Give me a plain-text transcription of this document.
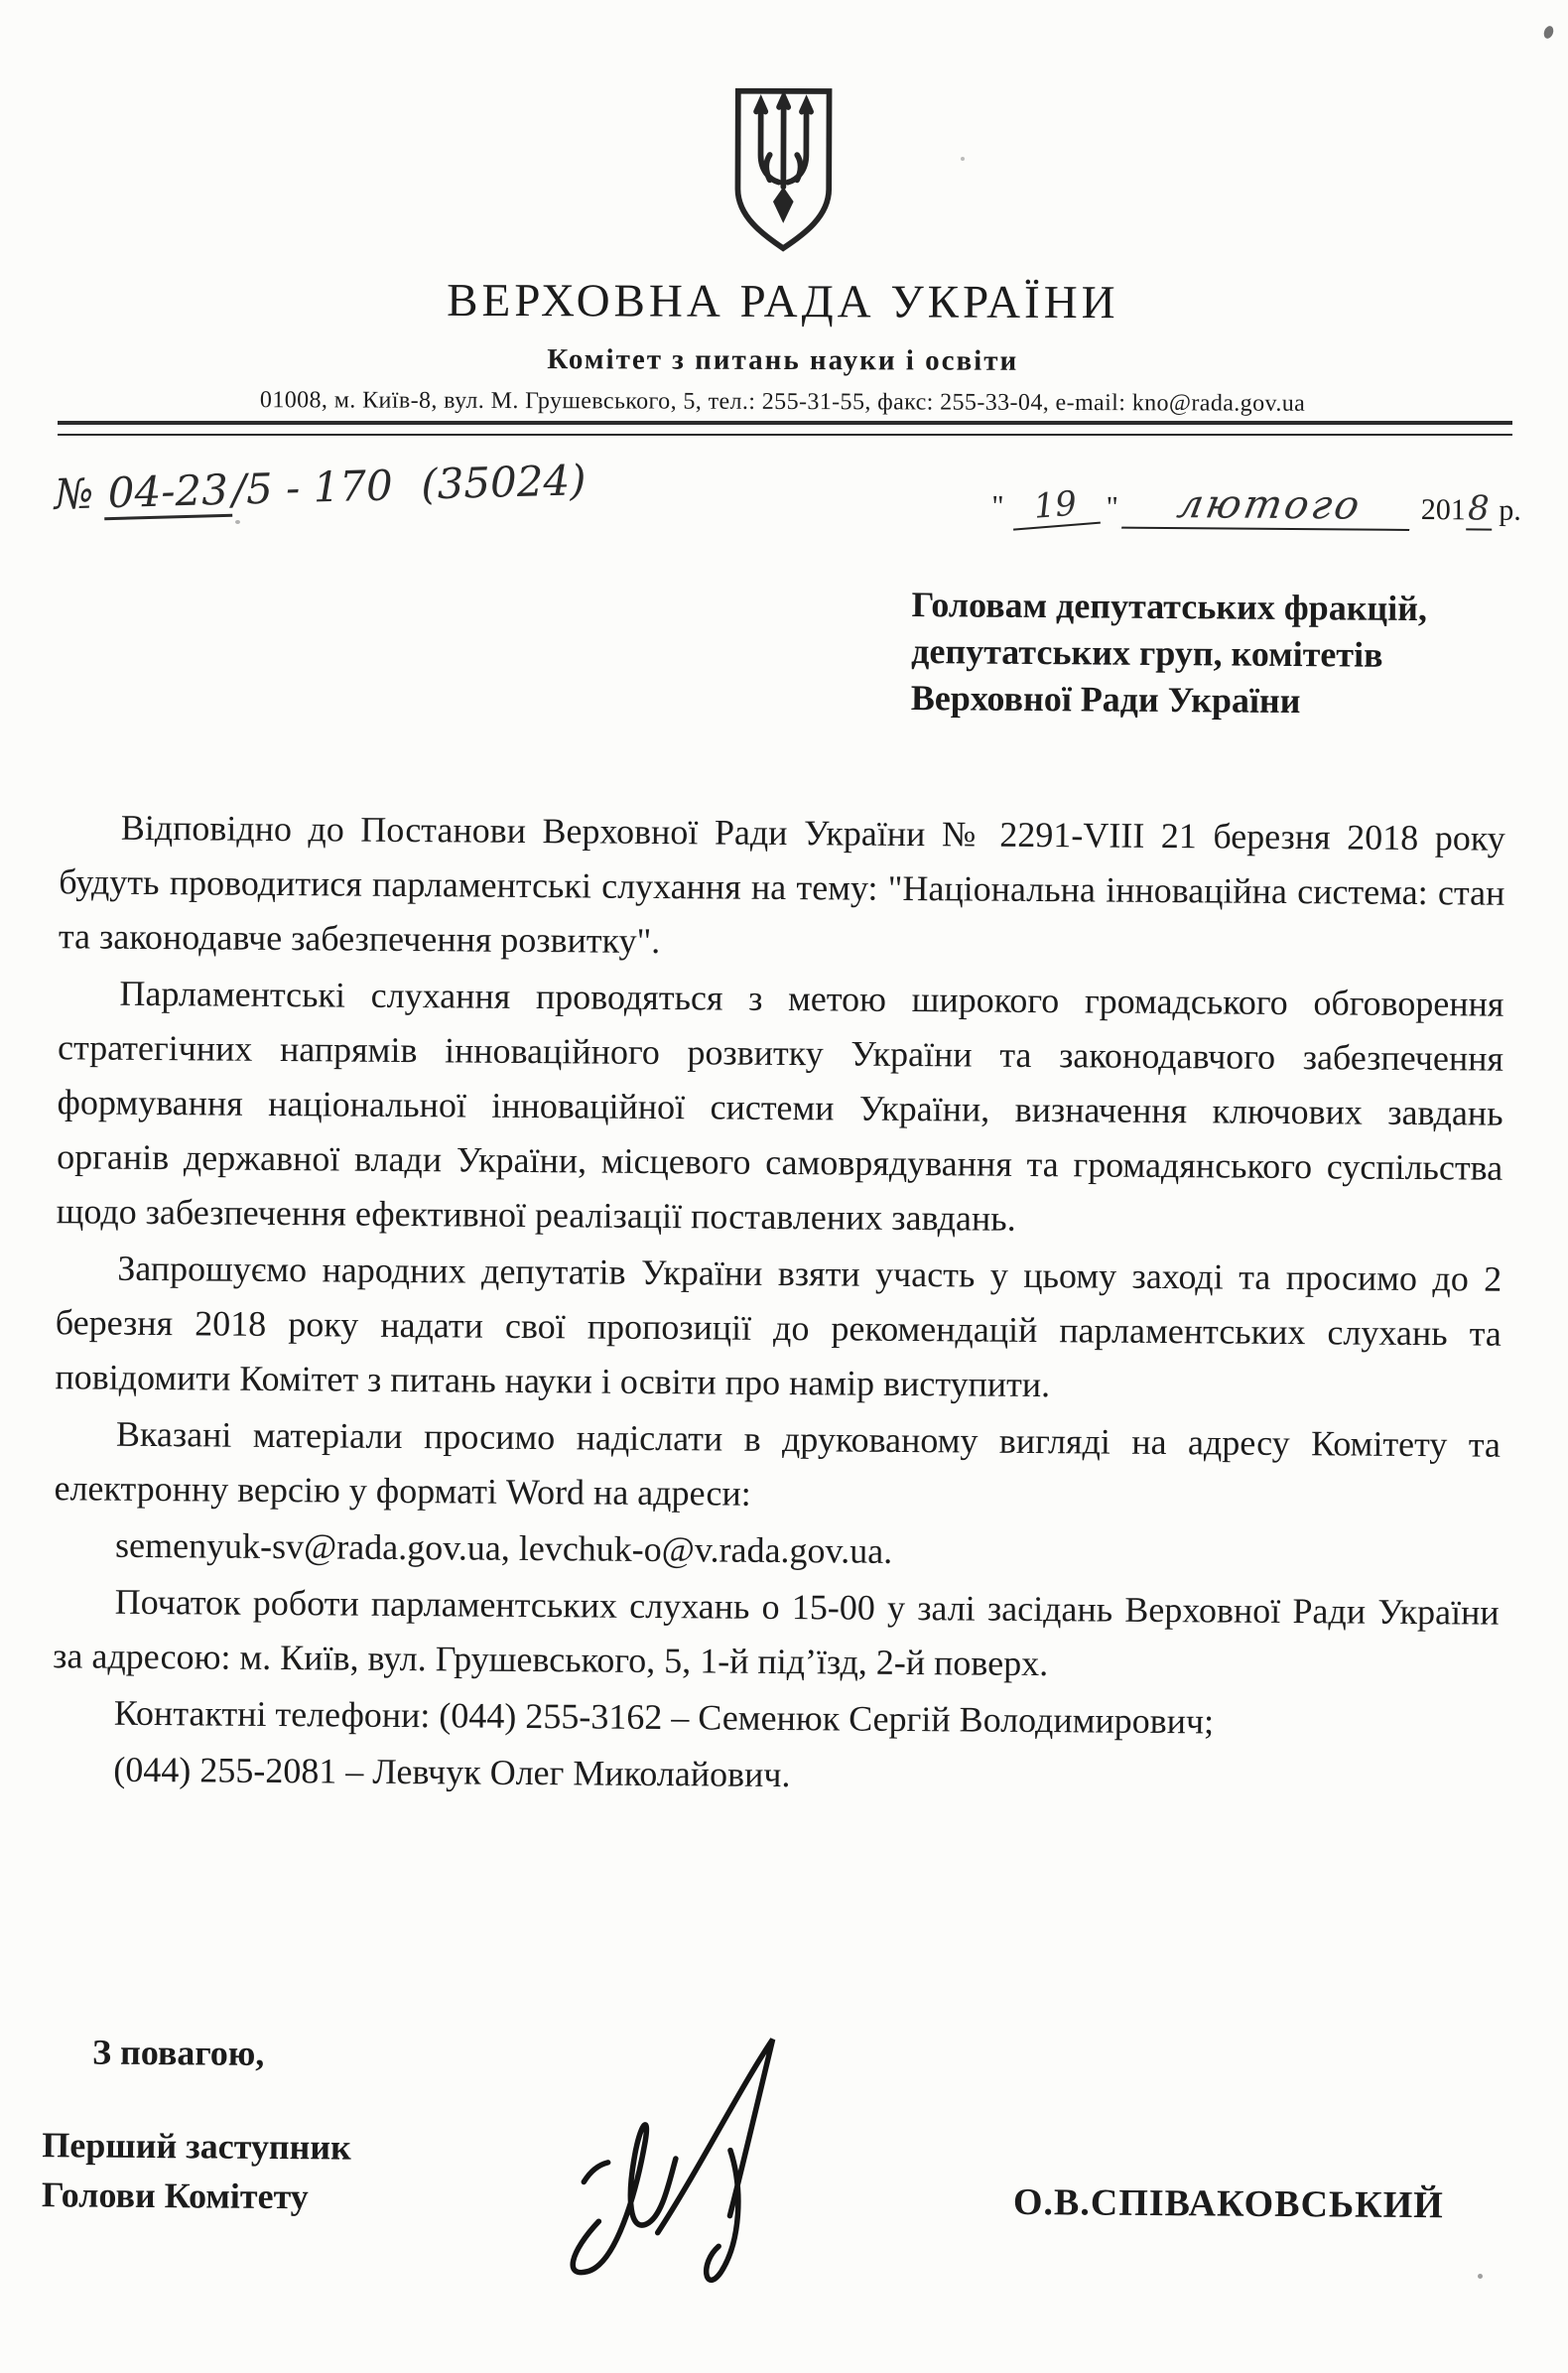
ВЕРХОВНА РАДА УКРАЇНИ
Комітет з питань науки і освіти
01008, м. Київ-8, вул. М. Грушевського, 5, тел.: 255-31-55, факс: 255-33-04, e-mail: kno@rada.gov.ua
№ 04-23/5 - 170 (35024)	" 19 " лютого 2018 р.
Головам депутатських фракцій,
депутатських груп, комітетів
Верховної Ради України

Відповідно до Постанови Верховної Ради України № 2291-VIII 21 березня 2018 року будуть проводитися парламентські слухання на тему: "Національна інноваційна система: стан та законодавче забезпечення розвитку".

Парламентські слухання проводяться з метою широкого громадського обговорення стратегічних напрямів інноваційного розвитку України та законодавчого забезпечення формування національної інноваційної системи України, визначення ключових завдань органів державної влади України, місцевого самоврядування та громадянського суспільства щодо забезпечення ефективної реалізації поставлених завдань.

Запрошуємо народних депутатів України взяти участь у цьому заході та просимо до 2 березня 2018 року надати свої пропозиції до рекомендацій парламентських слухань та повідомити Комітет з питань науки і освіти про намір виступити.

Вказані матеріали просимо надіслати в друкованому вигляді на адресу Комітету та електронну версію у форматі Word на адреси:

semenyuk-sv@rada.gov.ua, levchuk-o@v.rada.gov.ua.

Початок роботи парламентських слухань о 15-00 у залі засідань Верховної Ради України за адресою: м. Київ, вул. Грушевського, 5, 1-й під’їзд, 2-й поверх.

Контактні телефони: (044) 255-3162 – Семенюк Сергій Володимирович;

(044) 255-2081 – Левчук Олег Миколайович.

З повагою,
Перший заступник
Голови Комітету	О.В.СПІВАКОВСЬКИЙ
